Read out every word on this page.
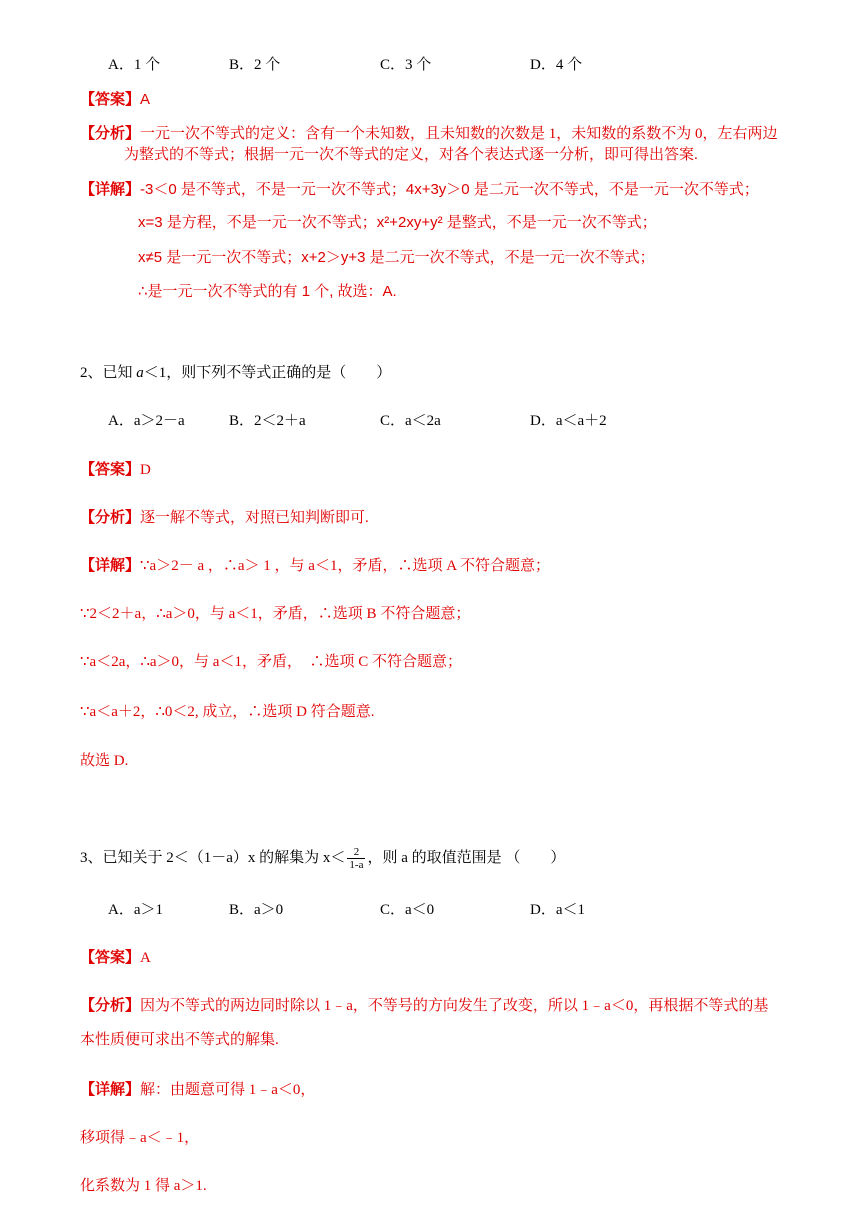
A．1 个	B．2 个	C．3 个	D．4 个
【答案】A
【分析】一元一次不等式的定义：含有一个未知数，且未知数的次数是 1，未知数的系数不为 0，左右两边
为整式的不等式；根据一元一次不等式的定义，对各个表达式逐一分析，即可得出答案.
【详解】-3＜0 是不等式，不是一元一次不等式；4x+3y＞0 是二元一次不等式，不是一元一次不等式；
x=3 是方程，不是一元一次不等式；x²+2xy+y² 是整式，不是一元一次不等式；
x≠5 是一元一次不等式；x+2＞y+3 是二元一次不等式，不是一元一次不等式；
∴是一元一次不等式的有 1 个, 故选：A.
2、已知 a＜1，则下列不等式正确的是（　　）
A．a＞2－a	B．2＜2＋a	C．a＜2a	D．a＜a＋2
【答案】D
【分析】逐一解不等式，对照已知判断即可.
【详解】∵a＞2－ a ，∴a＞ 1 ，与 a＜1，矛盾，∴选项 A 不符合题意；
∵2＜2＋a，∴a＞0，与 a＜1，矛盾，∴选项 B 不符合题意；
∵a＜2a，∴a＞0，与 a＜1，矛盾，　∴选项 C 不符合题意；
∵a＜a＋2，∴0＜2, 成立，∴选项 D 符合题意.
故选 D.
3、已知关于 2＜（1－a）x 的解集为 $x< \frac{2}{1-a}$ ，则 a 的取值范围是 （　　）
A．a＞1	B．a＞0	C．a＜0	D．a＜1
【答案】A
【分析】因为不等式的两边同时除以 1﹣a，不等号的方向发生了改变，所以 1﹣a＜0，再根据不等式的基
本性质便可求出不等式的解集.
【详解】解：由题意可得 1﹣a＜0，
移项得﹣a＜﹣1，
化系数为 1 得 a＞1.
